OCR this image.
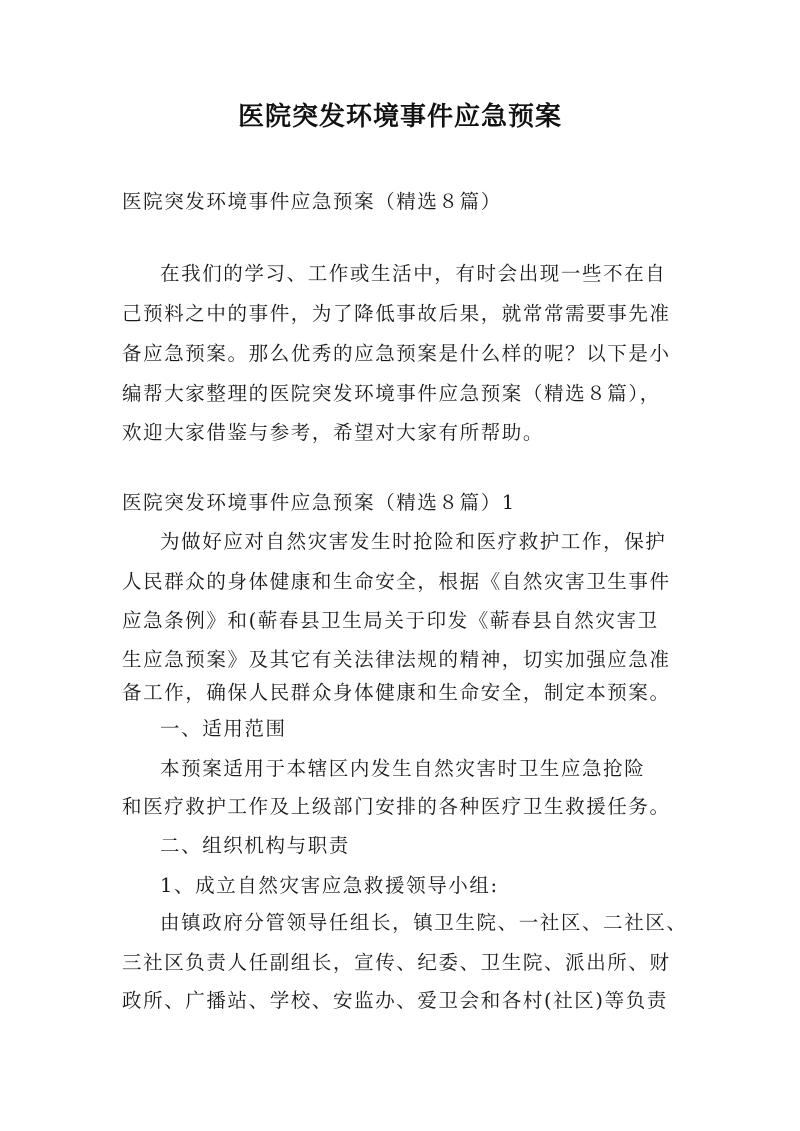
医院突发环境事件应急预案

医院突发环境事件应急预案（精选８篇）

在我们的学习、工作或生活中，有时会出现一些不在自

己预料之中的事件，为了降低事故后果，就常常需要事先准

备应急预案。那么优秀的应急预案是什么样的呢？以下是小

编帮大家整理的医院突发环境事件应急预案（精选８篇），

欢迎大家借鉴与参考，希望对大家有所帮助。

医院突发环境事件应急预案（精选８篇）1

为做好应对自然灾害发生时抢险和医疗救护工作，保护

人民群众的身体健康和生命安全，根据《自然灾害卫生事件

应急条例》和(蕲春县卫生局关于印发《蕲春县自然灾害卫

生应急预案》及其它有关法律法规的精神，切实加强应急准

备工作，确保人民群众身体健康和生命安全，制定本预案。

一、适用范围

本预案适用于本辖区内发生自然灾害时卫生应急抢险

和医疗救护工作及上级部门安排的各种医疗卫生救援任务。

二、组织机构与职责

1、成立自然灾害应急救援领导小组:

由镇政府分管领导任组长，镇卫生院、一社区、二社区、

三社区负责人任副组长，宣传、纪委、卫生院、派出所、财

政所、广播站、学校、安监办、爱卫会和各村(社区)等负责
